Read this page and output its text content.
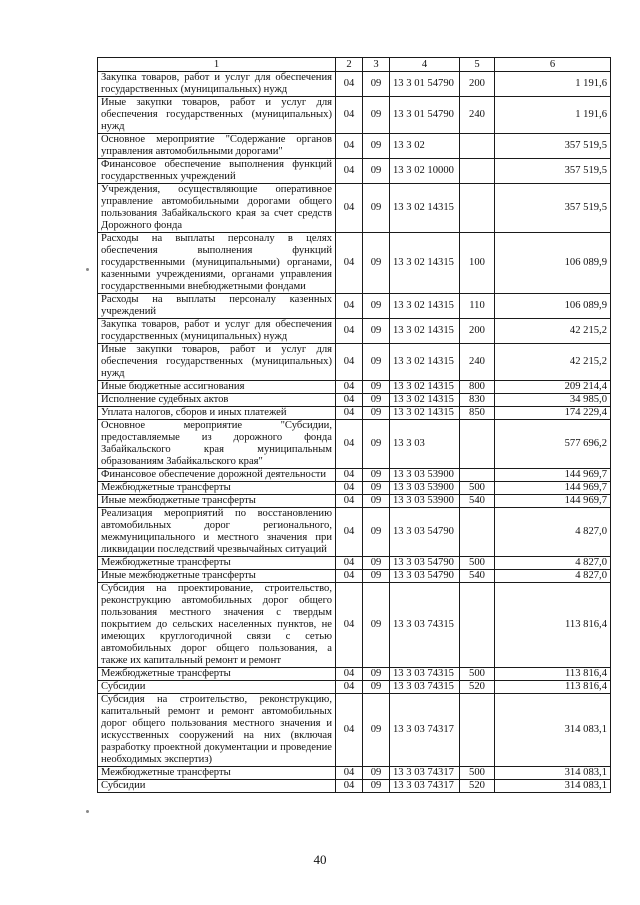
1	2	3	4	5	6
Закупка товаров, работ и услуг для обеспечения государственных (муниципальных) нужд	04	09	13 3 01 54790	200	1 191,6
Иные закупки товаров, работ и услуг для обеспечения государственных (муниципальных) нужд	04	09	13 3 01 54790	240	1 191,6
Основное мероприятие "Содержание органов управления автомобильными дорогами"	04	09	13 3 02		357 519,5
Финансовое обеспечение выполнения функций государственных учреждений	04	09	13 3 02 10000		357 519,5
Учреждения, осуществляющие оперативное управление автомобильными дорогами общего пользования Забайкальского края за счет средств Дорожного фонда	04	09	13 3 02 14315		357 519,5
Расходы на выплаты персоналу в целях обеспечения выполнения функций государственными (муниципальными) органами, казенными учреждениями, органами управления государственными внебюджетными фондами	04	09	13 3 02 14315	100	106 089,9
Расходы на выплаты персоналу казенных учреждений	04	09	13 3 02 14315	110	106 089,9
Закупка товаров, работ и услуг для обеспечения государственных (муниципальных) нужд	04	09	13 3 02 14315	200	42 215,2
Иные закупки товаров, работ и услуг для обеспечения государственных (муниципальных) нужд	04	09	13 3 02 14315	240	42 215,2
Иные бюджетные ассигнования	04	09	13 3 02 14315	800	209 214,4
Исполнение судебных актов	04	09	13 3 02 14315	830	34 985,0
Уплата налогов, сборов и иных платежей	04	09	13 3 02 14315	850	174 229,4
Основное мероприятие "Субсидии, предоставляемые из дорожного фонда Забайкальского края муниципальным образованиям Забайкальского края"	04	09	13 3 03		577 696,2
Финансовое обеспечение дорожной деятельности	04	09	13 3 03 53900		144 969,7
Межбюджетные трансферты	04	09	13 3 03 53900	500	144 969,7
Иные межбюджетные трансферты	04	09	13 3 03 53900	540	144 969,7
Реализация мероприятий по восстановлению автомобильных дорог регионального, межмуниципального и местного значения при ликвидации последствий чрезвычайных ситуаций	04	09	13 3 03 54790		4 827,0
Межбюджетные трансферты	04	09	13 3 03 54790	500	4 827,0
Иные межбюджетные трансферты	04	09	13 3 03 54790	540	4 827,0
Субсидия на проектирование, строительство, реконструкцию автомобильных дорог общего пользования местного значения с твердым покрытием до сельских населенных пунктов, не имеющих круглогодичной связи с сетью автомобильных дорог общего пользования, а также их капитальный ремонт и ремонт	04	09	13 3 03 74315		113 816,4
Межбюджетные трансферты	04	09	13 3 03 74315	500	113 816,4
Субсидии	04	09	13 3 03 74315	520	113 816,4
Субсидия на строительство, реконструкцию, капитальный ремонт и ремонт автомобильных дорог общего пользования местного значения и искусственных сооружений на них (включая разработку проектной документации и проведение необходимых экспертиз)	04	09	13 3 03 74317		314 083,1
Межбюджетные трансферты	04	09	13 3 03 74317	500	314 083,1
Субсидии	04	09	13 3 03 74317	520	314 083,1
40
